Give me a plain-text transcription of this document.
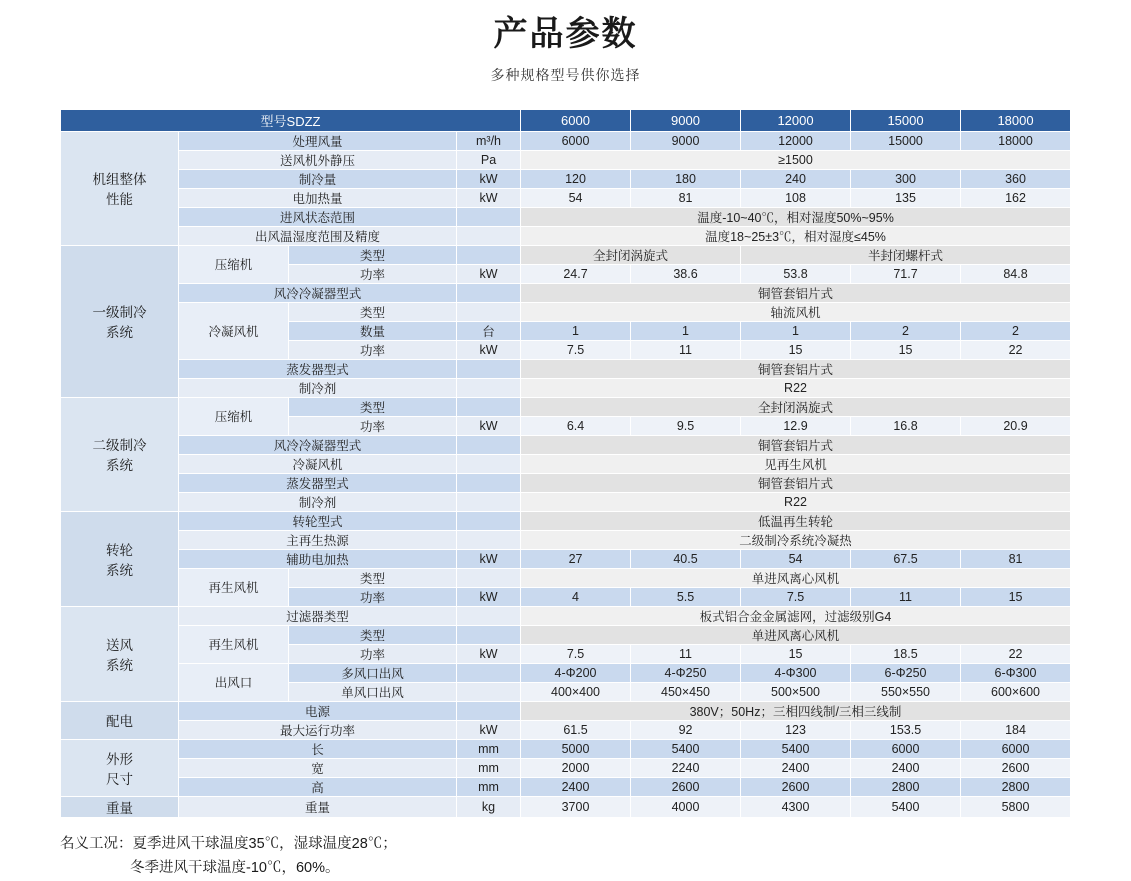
产品参数
多种规格型号供你选择
型号SDZZ				6000	9000	12000	15000	18000
机组整体
性能	处理风量		m³/h	6000	9000	12000	15000	18000
	送风机外静压		Pa	≥1500				
	制冷量		kW	120	180	240	300	360
	电加热量		kW	54	81	108	135	162
	进风状态范围			温度-10~40℃，相对湿度50%~95%				
	出风温湿度范围及精度			温度18~25±3℃，相对湿度≤45%				
一级制冷
系统	压缩机	类型		全封闭涡旋式		半封闭螺杆式		
		功率	kW	24.7	38.6	53.8	71.7	84.8
	风冷冷凝器型式			铜管套铝片式				
	冷凝风机	类型		轴流风机				
		数量	台	1	1	1	2	2
		功率	kW	7.5	11	15	15	22
	蒸发器型式			铜管套铝片式				
	制冷剂			R22				
二级制冷
系统	压缩机	类型		全封闭涡旋式				
		功率	kW	6.4	9.5	12.9	16.8	20.9
	风冷冷凝器型式			铜管套铝片式				
	冷凝风机			见再生风机				
	蒸发器型式			铜管套铝片式				
	制冷剂			R22				
转轮
系统	转轮型式			低温再生转轮				
	主再生热源			二级制冷系统冷凝热				
	辅助电加热		kW	27	40.5	54	67.5	81
	再生风机	类型		单进风离心风机				
		功率	kW	4	5.5	7.5	11	15
送风
系统	过滤器类型			板式铝合金金属滤网，过滤级别G4				
	再生风机	类型		单进风离心风机				
		功率	kW	7.5	11	15	18.5	22
	出风口	多风口出风		4-Φ200	4-Φ250	4-Φ300	6-Φ250	6-Φ300
		单风口出风		400×400	450×450	500×500	550×550	600×600
配电	电源			380V；50Hz；三相四线制/三相三线制				
	最大运行功率		kW	61.5	92	123	153.5	184
外形
尺寸	长		mm	5000	5400	5400	6000	6000
	宽		mm	2000	2240	2400	2400	2600
	高		mm	2400	2600	2600	2800	2800
重量	重量		kg	3700	4000	4300	5400	5800
名义工况：夏季进风干球温度35℃，湿球温度28℃；
冬季进风干球温度-10℃，60%。
